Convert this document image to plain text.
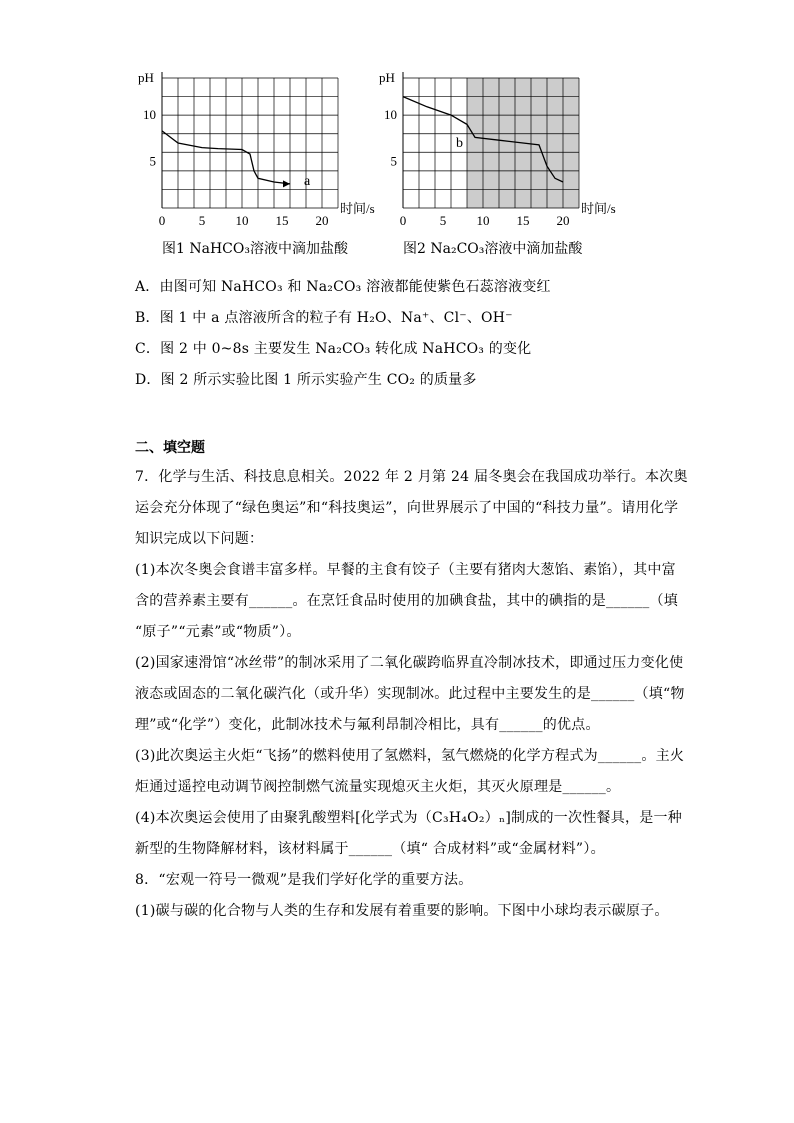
pH
时间/s
10
5
0	5 10 15 20
a
图1 NaHCO₃溶液中滴加盐酸
pH
时间/s
10
5
0	5 10 15 20
b
图2 Na₂CO₃溶液中滴加盐酸
A．由图可知 NaHCO₃ 和 Na₂CO₃ 溶液都能使紫色石蕊溶液变红
B．图 1 中 a 点溶液所含的粒子有 H₂O、Na⁺、Cl⁻、OH⁻
C．图 2 中 0~8s 主要发生 Na₂CO₃ 转化成 NaHCO₃ 的变化
D．图 2 所示实验比图 1 所示实验产生 CO₂ 的质量多
二、填空题
7．化学与生活、科技息息相关。2022 年 2 月第 24 届冬奥会在我国成功举行。本次奥
运会充分体现了“绿色奥运”和“科技奥运”，向世界展示了中国的“科技力量”。请用化学
知识完成以下问题：
(1)本次冬奥会食谱丰富多样。早餐的主食有饺子（主要有猪肉大葱馅、素馅），其中富
含的营养素主要有______。在烹饪食品时使用的加碘食盐，其中的碘指的是______（填
“原子”“元素”或“物质”）。
(2)国家速滑馆“冰丝带”的制冰采用了二氧化碳跨临界直冷制冰技术，即通过压力变化使
液态或固态的二氧化碳汽化（或升华）实现制冰。此过程中主要发生的是______（填“物
理”或“化学”）变化，此制冰技术与氟利昂制冷相比，具有______的优点。
(3)此次奥运主火炬“飞扬”的燃料使用了氢燃料，氢气燃烧的化学方程式为______。主火
炬通过遥控电动调节阀控制燃气流量实现熄灭主火炬，其灭火原理是______。
(4)本次奥运会使用了由聚乳酸塑料[化学式为（C₃H₄O₂）ₙ]制成的一次性餐具，是一种
新型的生物降解材料，该材料属于______（填“ 合成材料”或“金属材料”）。
8．“宏观一符号一微观”是我们学好化学的重要方法。
(1)碳与碳的化合物与人类的生存和发展有着重要的影响。下图中小球均表示碳原子。
